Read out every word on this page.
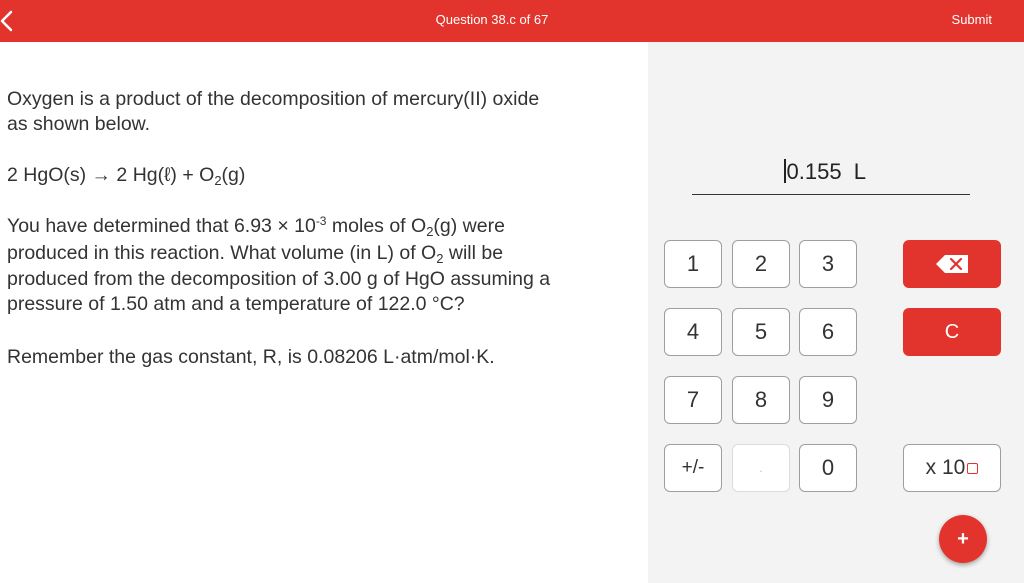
Question 38.c of 67	Submit
Oxygen is a product of the decomposition of mercury(II) oxide
as shown below.
2 HgO(s) → 2 Hg(ℓ) + $O_2(g)$
You have determined that $6.93 \times 10^{-3}$ moles of $O_2(g)$ were
produced in this reaction. What volume (in L) of $O_2$ will be
produced from the decomposition of 3.00 g of HgO assuming a
pressure of 1.50 atm and a temperature of 122.0 °C?
Remember the gas constant, R, is 0.08206 L·atm/mol·K.
0.155 L
1	2	3
4	5	6
7	8	9
+/-	.	0
C
x 10
+
